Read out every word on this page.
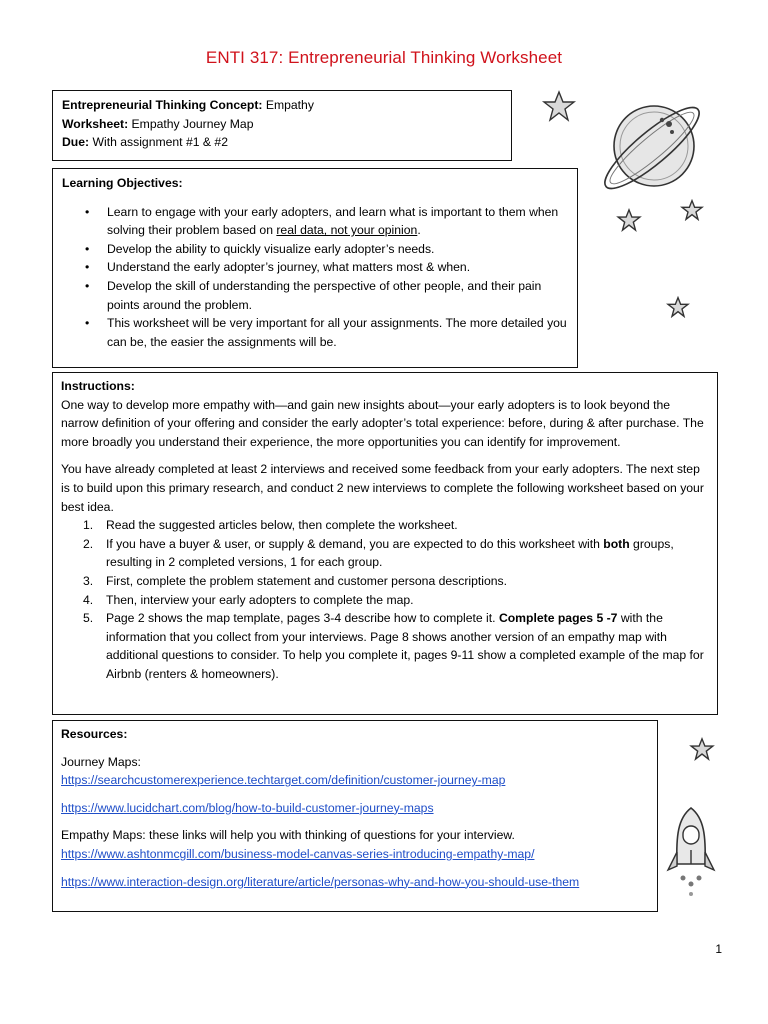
ENTI 317: Entrepreneurial Thinking Worksheet
Entrepreneurial Thinking Concept: Empathy
Worksheet: Empathy Journey Map
Due: With assignment #1 & #2
Learning Objectives:
• Learn to engage with your early adopters, and learn what is important to them when solving their problem based on real data, not your opinion.
• Develop the ability to quickly visualize early adopter’s needs.
• Understand the early adopter’s journey, what matters most & when.
• Develop the skill of understanding the perspective of other people, and their pain points around the problem.
• This worksheet will be very important for all your assignments. The more detailed you can be, the easier the assignments will be.
Instructions:

One way to develop more empathy with—and gain new insights about—your early adopters is to look beyond the narrow definition of your offering and consider the early adopter’s total experience: before, during & after purchase. The more broadly you understand their experience, the more opportunities you can identify for improvement.

You have already completed at least 2 interviews and received some feedback from your early adopters. The next step is to build upon this primary research, and conduct 2 new interviews to complete the following worksheet based on your best idea.

1. Read the suggested articles below, then complete the worksheet.
2. If you have a buyer & user, or supply & demand, you are expected to do this worksheet with both groups, resulting in 2 completed versions, 1 for each group.
3. First, complete the problem statement and customer persona descriptions.
4. Then, interview your early adopters to complete the map.
5. Page 2 shows the map template, pages 3-4 describe how to complete it. Complete pages 5 -7 with the information that you collect from your interviews. Page 8 shows another version of an empathy map with additional questions to consider. To help you complete it, pages 9-11 show a completed example of the map for Airbnb (renters & homeowners).
Resources:

Journey Maps:

https://searchcustomerexperience.techtarget.com/definition/customer-journey-map

https://www.lucidchart.com/blog/how-to-build-customer-journey-maps

Empathy Maps: these links will help you with thinking of questions for your interview.

https://www.ashtonmcgill.com/business-model-canvas-series-introducing-empathy-map/

https://www.interaction-design.org/literature/article/personas-why-and-how-you-should-use-them

1
